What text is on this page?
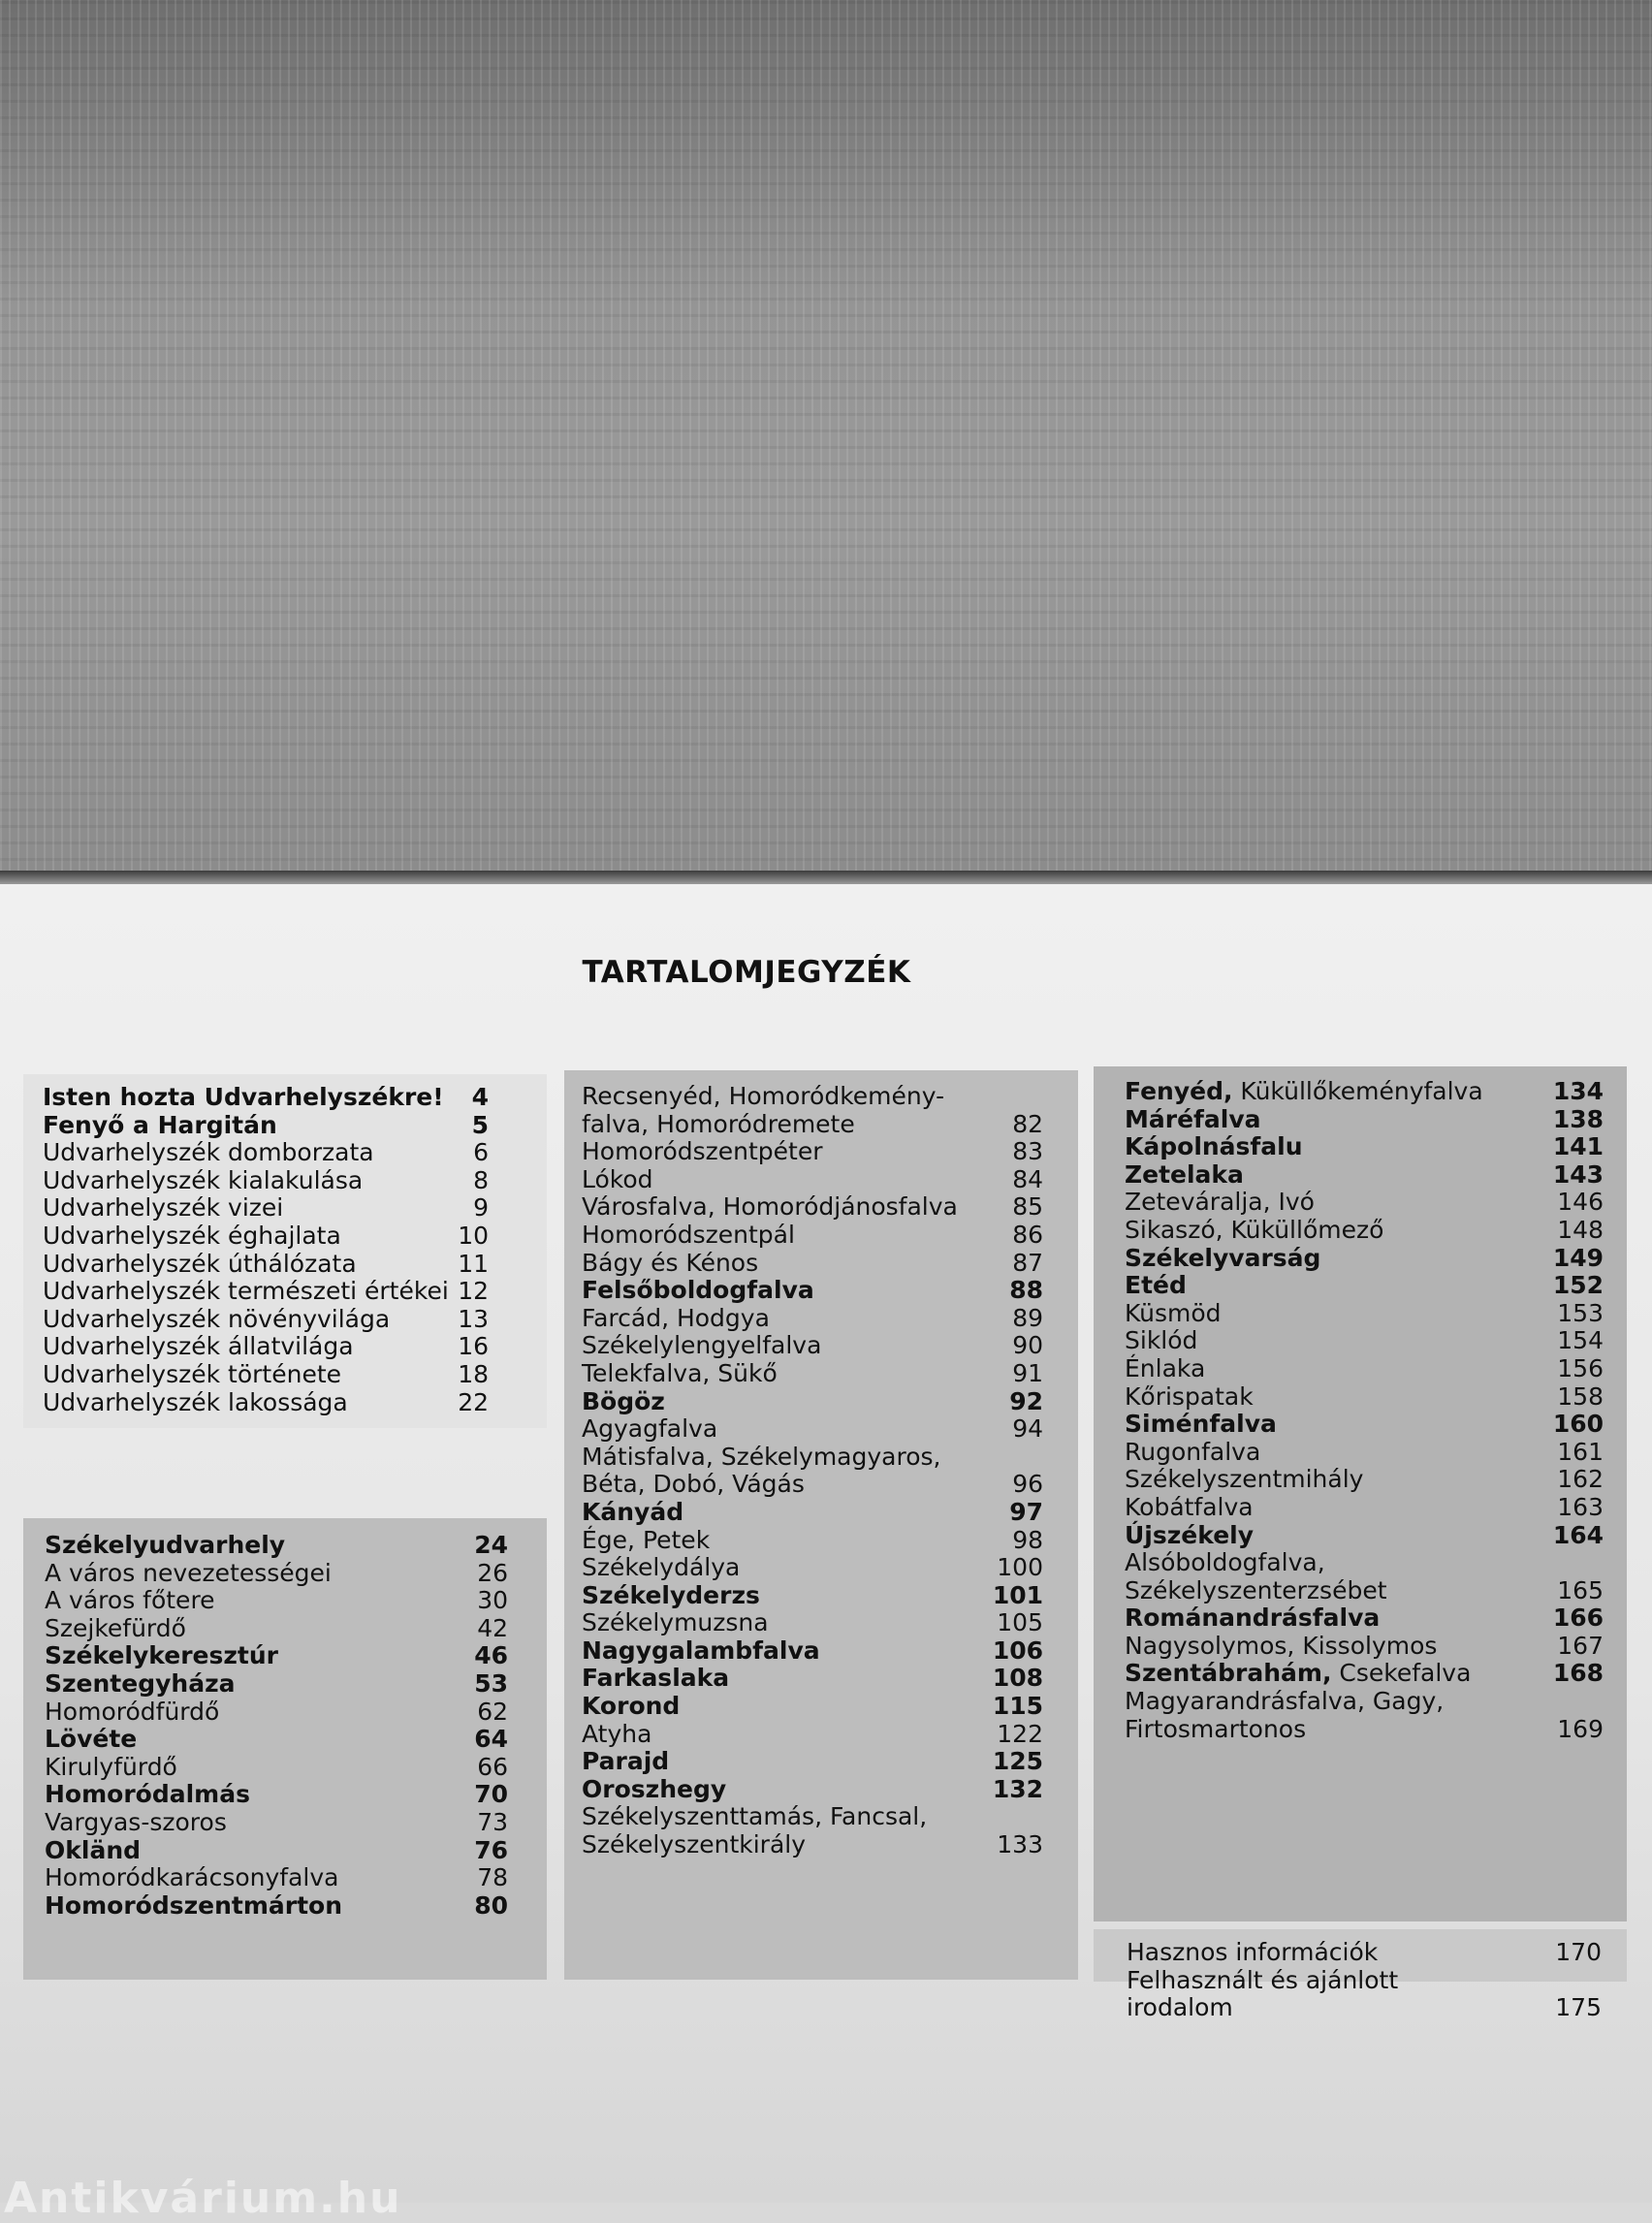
TARTALOMJEGYZÉK
Isten hozta Udvarhelyszékre! 4
Fenyő a Hargitán	5
Udvarhelyszék domborzata	6
Udvarhelyszék kialakulása	8
Udvarhelyszék vizei	9
Udvarhelyszék éghajlata	10
Udvarhelyszék úthálózata	11
Udvarhelyszék természeti értékei 12
Udvarhelyszék növényvilága	13
Udvarhelyszék állatvilága	16
Udvarhelyszék története	18
Udvarhelyszék lakossága	22
Székelyudvarhely	24
A város nevezetességei	26
A város főtere	30
Szejkefürdő	42
Székelykeresztúr	46
Szentegyháza	53
Homoródfürdő	62
Lövéte	64
Kirulyfürdő	66
Homoródalmás	70
Vargyas-szoros	73
Okländ	76
Homoródkarácsonyfalva	78
Homoródszentmárton	80
Recsenyéd, Homoródkemény-
falva, Homoródremete	82
Homoródszentpéter	83
Lókod	84
Városfalva, Homoródjánosfalva 85
Homoródszentpál	86
Bágy és Kénos	87
Felsőboldogfalva	88
Farcád, Hodgya	89
Székelylengyelfalva	90
Telekfalva, Sükő	91
Bögöz	92
Agyagfalva	94
Mátisfalva, Székelymagyaros,
Béta, Dobó, Vágás	96
Kányád	97
Ége, Petek	98
Székelydálya	100
Székelyderzs	101
Székelymuzsna	105
Nagygalambfalva	106
Farkaslaka	108
Korond	115
Atyha	122
Parajd	125
Oroszhegy	132
Székelyszenttamás, Fancsal,
Székelyszentkirály	133
Fenyéd, Küküllőkeményfalva	134
Máréfalva	138
Kápolnásfalu	141
Zetelaka	143
Zeteváralja, Ivó	146
Sikaszó, Küküllőmező	148
Székelyvarság	149
Etéd	152
Küsmöd	153
Siklód	154
Énlaka	156
Kőrispatak	158
Siménfalva	160
Rugonfalva	161
Székelyszentmihály	162
Kobátfalva	163
Újszékely	164
Alsóboldogfalva,
Székelyszenterzsébet	165
Románandrásfalva	166
Nagysolymos, Kissolymos	167
Szentábrahám, Csekefalva	168
Magyarandrásfalva, Gagy,
Firtosmartonos	169
Hasznos információk	170
Felhasznált és ajánlott
irodalom	175
Antikvárium.hu
